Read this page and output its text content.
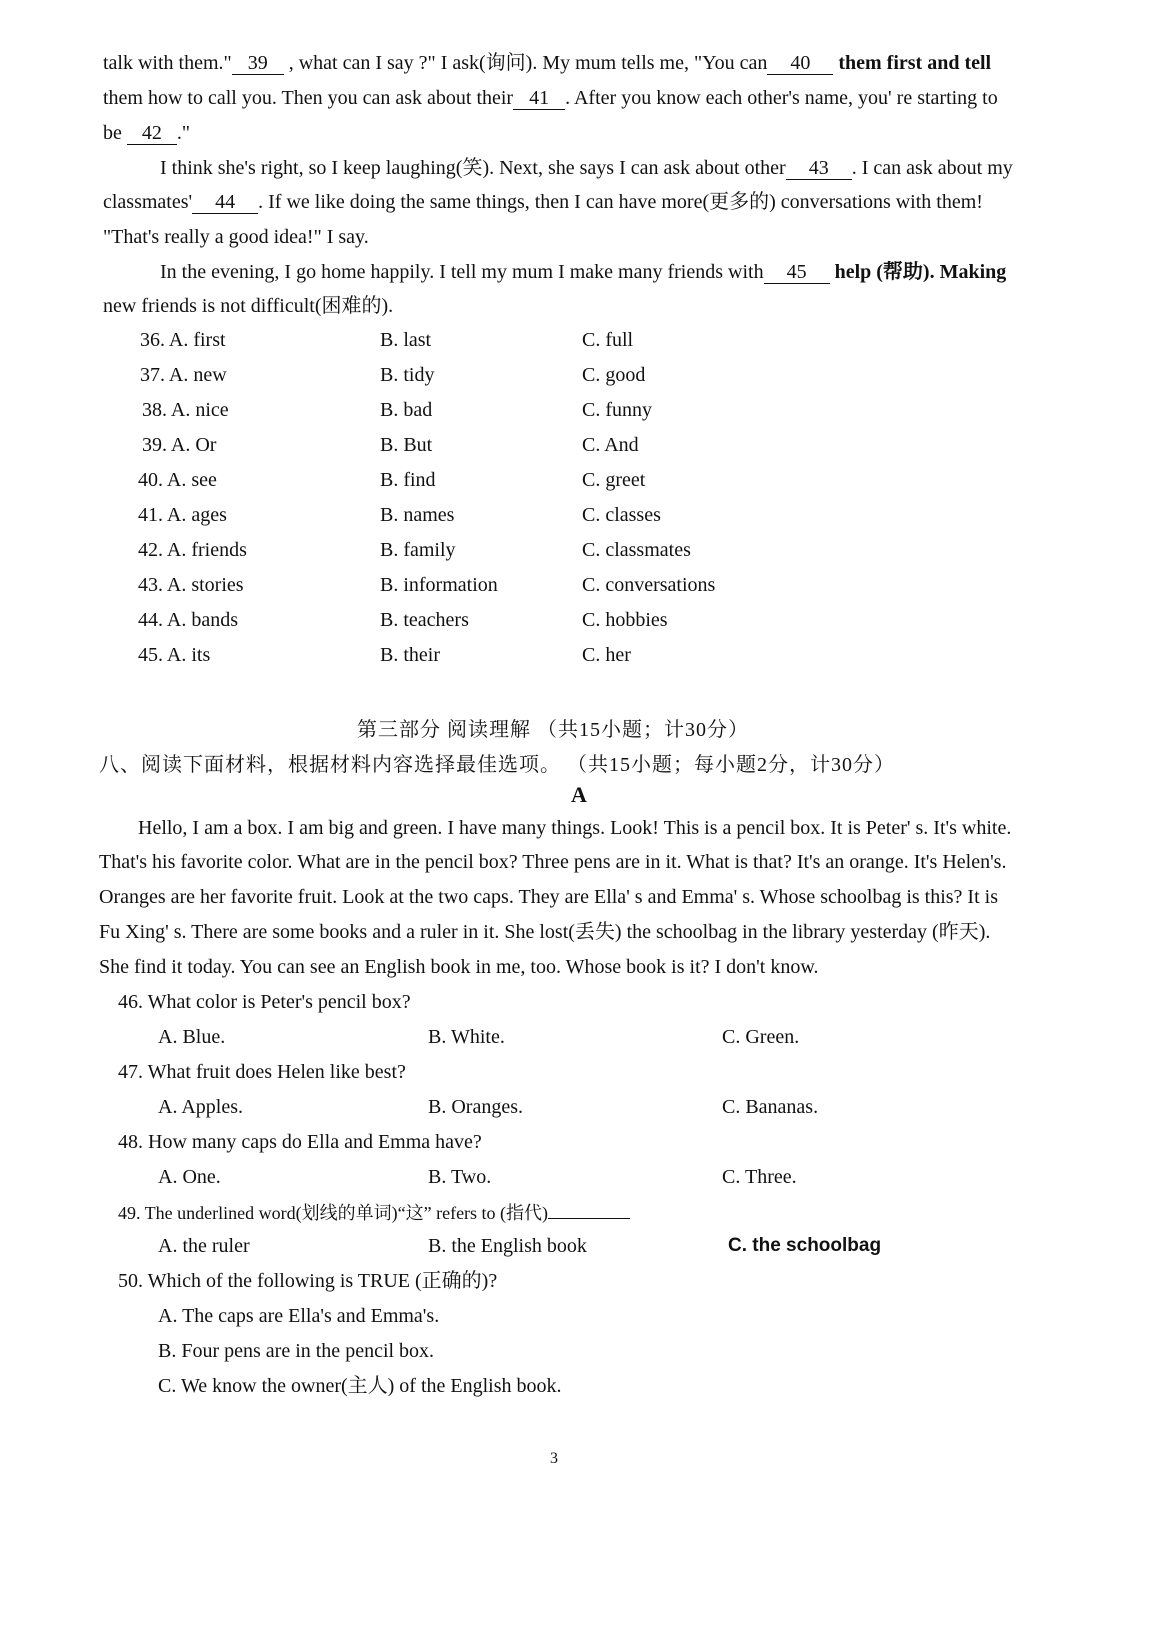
talk with them." 39 , what can I say ?" I ask(询问). My mum tells me, "You can 40 them first and tell
them how to call you. Then you can ask about their 41 . After you know each other's name, you' re starting to
be 42 ."
I think she's right, so I keep laughing(笑). Next, she says I can ask about other 43 . I can ask about my
classmates' 44 . If we like doing the same things, then I can have more(更多的) conversations with them!
"That's really a good idea!" I say.
In the evening, I go home happily. I tell my mum I make many friends with 45 help (帮助). Making
new friends is not difficult(困难的).
36. A. first	B. last	C. full
37. A. new	B. tidy	C. good
38. A. nice	B. bad	C. funny
39. A. Or	B. But	C. And
40. A. see	B. find	C. greet
41. A. ages	B. names	C. classes
42. A. friends	B. family	C. classmates
43. A. stories	B. information	C. conversations
44. A. bands	B. teachers	C. hobbies
45. A. its	B. their	C. her
第三部分 阅读理解 （共15小题；计30分）
八、阅读下面材料，根据材料内容选择最佳选项。 （共15小题；每小题2分，计30分）
A
Hello, I am a box. I am big and green. I have many things. Look! This is a pencil box. It is Peter' s. It's white.
That's his favorite color. What are in the pencil box? Three pens are in it. What is that? It's an orange. It's Helen's.
Oranges are her favorite fruit. Look at the two caps. They are Ella' s and Emma' s. Whose schoolbag is this? It is
Fu Xing' s. There are some books and a ruler in it. She lost(丢失) the schoolbag in the library yesterday (昨天).
She find it today. You can see an English book in me, too. Whose book is it? I don't know.
46. What color is Peter's pencil box?
A. Blue.	B. White.	C. Green.
47. What fruit does Helen like best?
A. Apples.	B. Oranges.	C. Bananas.
48. How many caps do Ella and Emma have?
A. One.	B. Two.	C. Three.
49. The underlined word(划线的单词)“这” refers to (指代)
A. the ruler	B. the English book	C. the schoolbag
50. Which of the following is TRUE (正确的)?
A. The caps are Ella's and Emma's.
B. Four pens are in the pencil box.
C. We know the owner(主人) of the English book.
3
